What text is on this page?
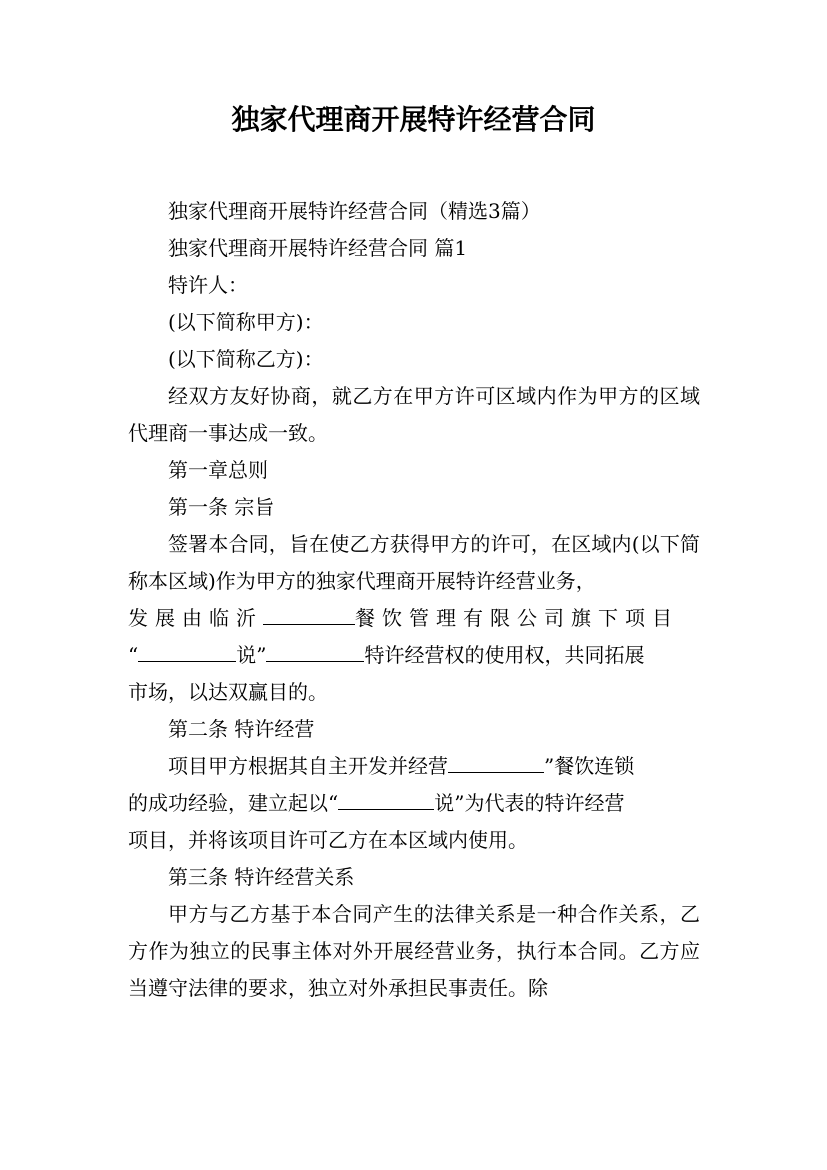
独家代理商开展特许经营合同

独家代理商开展特许经营合同（精选3篇）

独家代理商开展特许经营合同 篇1

特许人：

(以下简称甲方)：

(以下简称乙方)：

经双方友好协商，就乙方在甲方许可区域内作为甲方的区域代理商一事达成一致。

第一章总则

第一条 宗旨

签署本合同，旨在使乙方获得甲方的许可，在区域内(以下简称本区域)作为甲方的独家代理商开展特许经营业务，

发展由临沂	餐饮管理有限公司旗下项目

“	说”	特许经营权的使用权，共同拓展

市场，以达双赢目的。

第二条 特许经营

项目甲方根据其自主开发并经营	”餐饮连锁

的成功经验，建立起以“	说”为代表的特许经营

项目，并将该项目许可乙方在本区域内使用。

第三条 特许经营关系

甲方与乙方基于本合同产生的法律关系是一种合作关系，乙方作为独立的民事主体对外开展经营业务，执行本合同。乙方应当遵守法律的要求，独立对外承担民事责任。除
